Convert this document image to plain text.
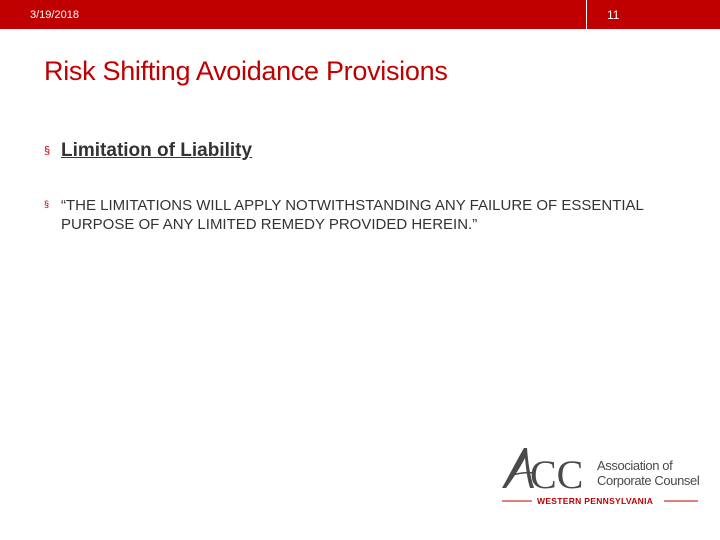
3/19/2018	11
Risk Shifting Avoidance Provisions
§ Limitation of Liability
§ “THE LIMITATIONS WILL APPLY NOTWITHSTANDING ANY FAILURE OF ESSENTIAL PURPOSE OF ANY LIMITED REMEDY PROVIDED HEREIN.”
CC Association of
Corporate Counsel
WESTERN PENNSYLVANIA
